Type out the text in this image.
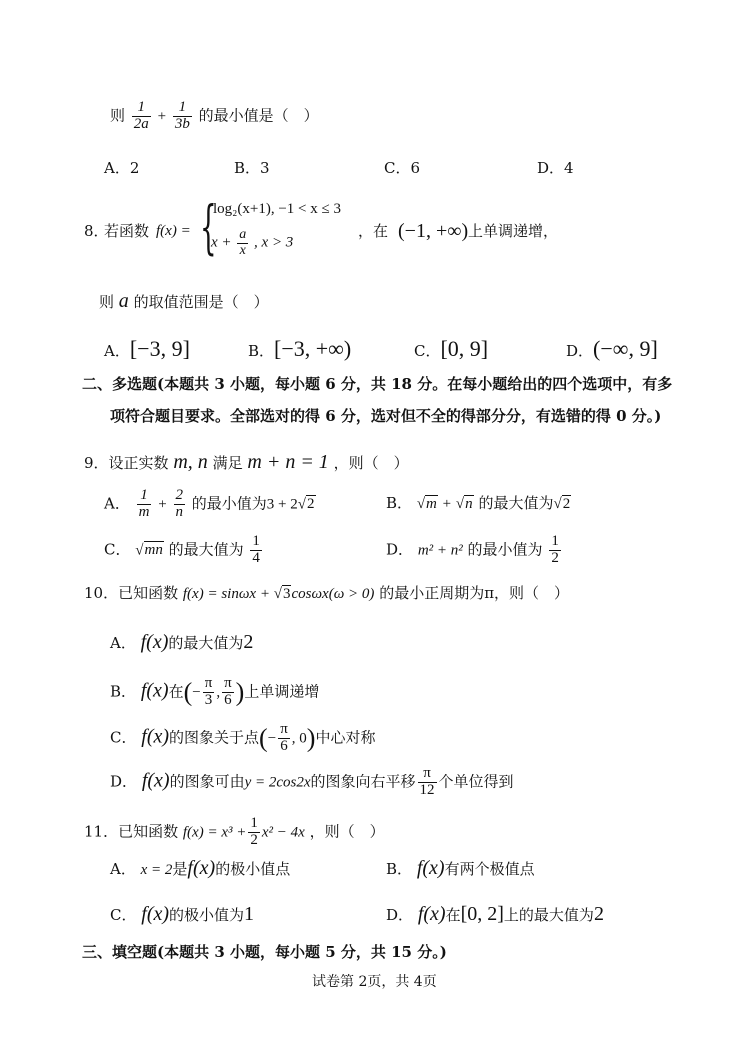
则 $\frac{1}{2a} + \frac{1}{3b}$ 的最小值是（　）
A．2	B．3	C．6	D．4
8．
若函数 f(x) = {
log₂(x+1), −1 < x ≤ 3
$x + \frac{a}{x}$ , x > 3
，在 (−1, +∞) 上单调递增，
则 a 的取值范围是（　）
A．[−3, 9]	B．[−3, +∞)	C．[0, 9]	D．(−∞, 9]
二、多选题(本题共 3 小题，每小题 6 分，共 18 分。在每小题给出的四个选项中，有多
项符合题目要求。全部选对的得 6 分，选对但不全的得部分分，有选错的得 0 分。)
9．设正实数 m, n 满足 m + n = 1 ，则（　）
A． $\frac{1}{m} + \frac{2}{n}$ 的最小值为3 + 2√2	B． √m + √n 的最大值为√2
C． √mn 的最大值为 $\frac{1}{4}$	D． m² + n² 的最小值为 $\frac{1}{2}$
10．已知函数 f(x) = sinωx + √3cosωx(ω > 0) 的最小正周期为π，则（　）
A． f(x)的最大值为2
B． f(x)在(− $\frac{\pi}{3}$ , $\frac{\pi}{6}$ )上单调递增
C． f(x)的图象关于点(− $\frac{\pi}{6}$ , 0)中心对称
D． f(x)的图象可由y = 2cos2x的图象向右平移 $\frac{\pi}{12}$ 个单位得到
11．已知函数 $f(x) = x^3 + \frac{1}{2} x^2 - 4x$ ，则（　）
A． x = 2是f(x)的极小值点	B． f(x)有两个极值点
C． f(x)的极小值为1	D． f(x)在[0, 2]上的最大值为2
三、填空题(本题共 3 小题，每小题 5 分，共 15 分。)
试卷第 2页，共 4页
